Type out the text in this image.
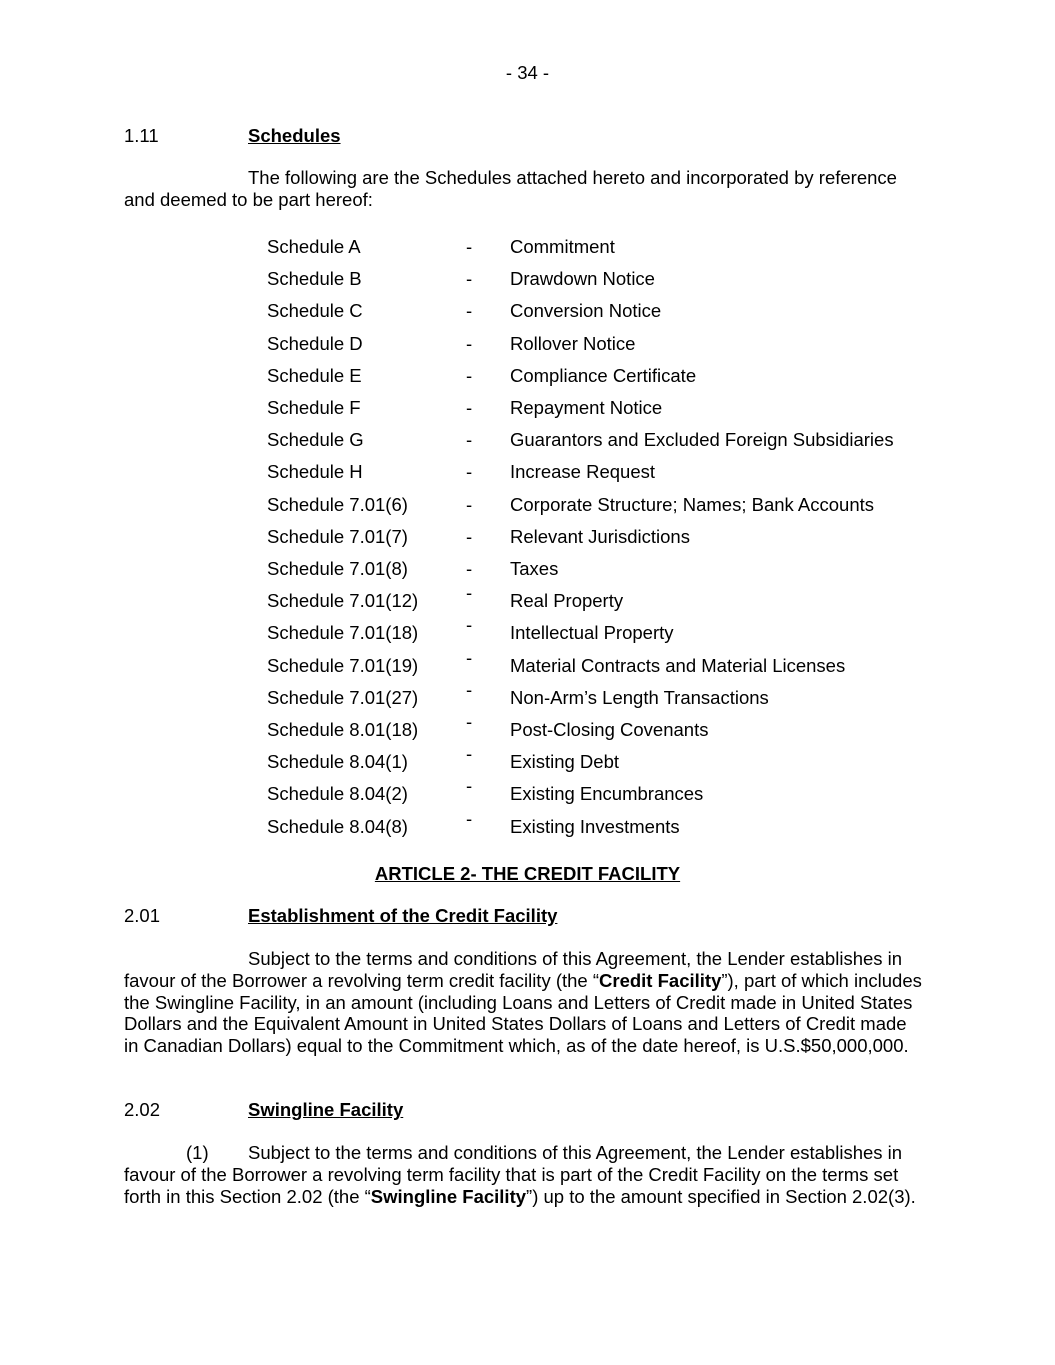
- 34 -
1.11	Schedules
The following are the Schedules attached hereto and incorporated by reference and deemed to be part hereof:
Schedule A	- Commitment
Schedule B	- Drawdown Notice
Schedule C	- Conversion Notice
Schedule D	- Rollover Notice
Schedule E	- Compliance Certificate
Schedule F	- Repayment Notice
Schedule G	- Guarantors and Excluded Foreign Subsidiaries
Schedule H	- Increase Request
Schedule 7.01(6)	- Corporate Structure; Names; Bank Accounts
Schedule 7.01(7)	- Relevant Jurisdictions
Schedule 7.01(8)	- Taxes
Schedule 7.01(12)	- Real Property
Schedule 7.01(18)	- Intellectual Property
Schedule 7.01(19)	- Material Contracts and Material Licenses
Schedule 7.01(27)	- Non-Arm’s Length Transactions
Schedule 8.01(18)	- Post-Closing Covenants
Schedule 8.04(1)	- Existing Debt
Schedule 8.04(2)	- Existing Encumbrances
Schedule 8.04(8)	- Existing Investments
ARTICLE 2- THE CREDIT FACILITY
2.01	Establishment of the Credit Facility
Subject to the terms and conditions of this Agreement, the Lender establishes in favour of the Borrower a revolving term credit facility (the “Credit Facility”), part of which includes the Swingline Facility, in an amount (including Loans and Letters of Credit made in United States Dollars and the Equivalent Amount in United States Dollars of Loans and Letters of Credit made in Canadian Dollars) equal to the Commitment which, as of the date hereof, is U.S.$50,000,000.
2.02	Swingline Facility
(1) Subject to the terms and conditions of this Agreement, the Lender establishes in favour of the Borrower a revolving term facility that is part of the Credit Facility on the terms set forth in this Section 2.02 (the “Swingline Facility”) up to the amount specified in Section 2.02(3).
